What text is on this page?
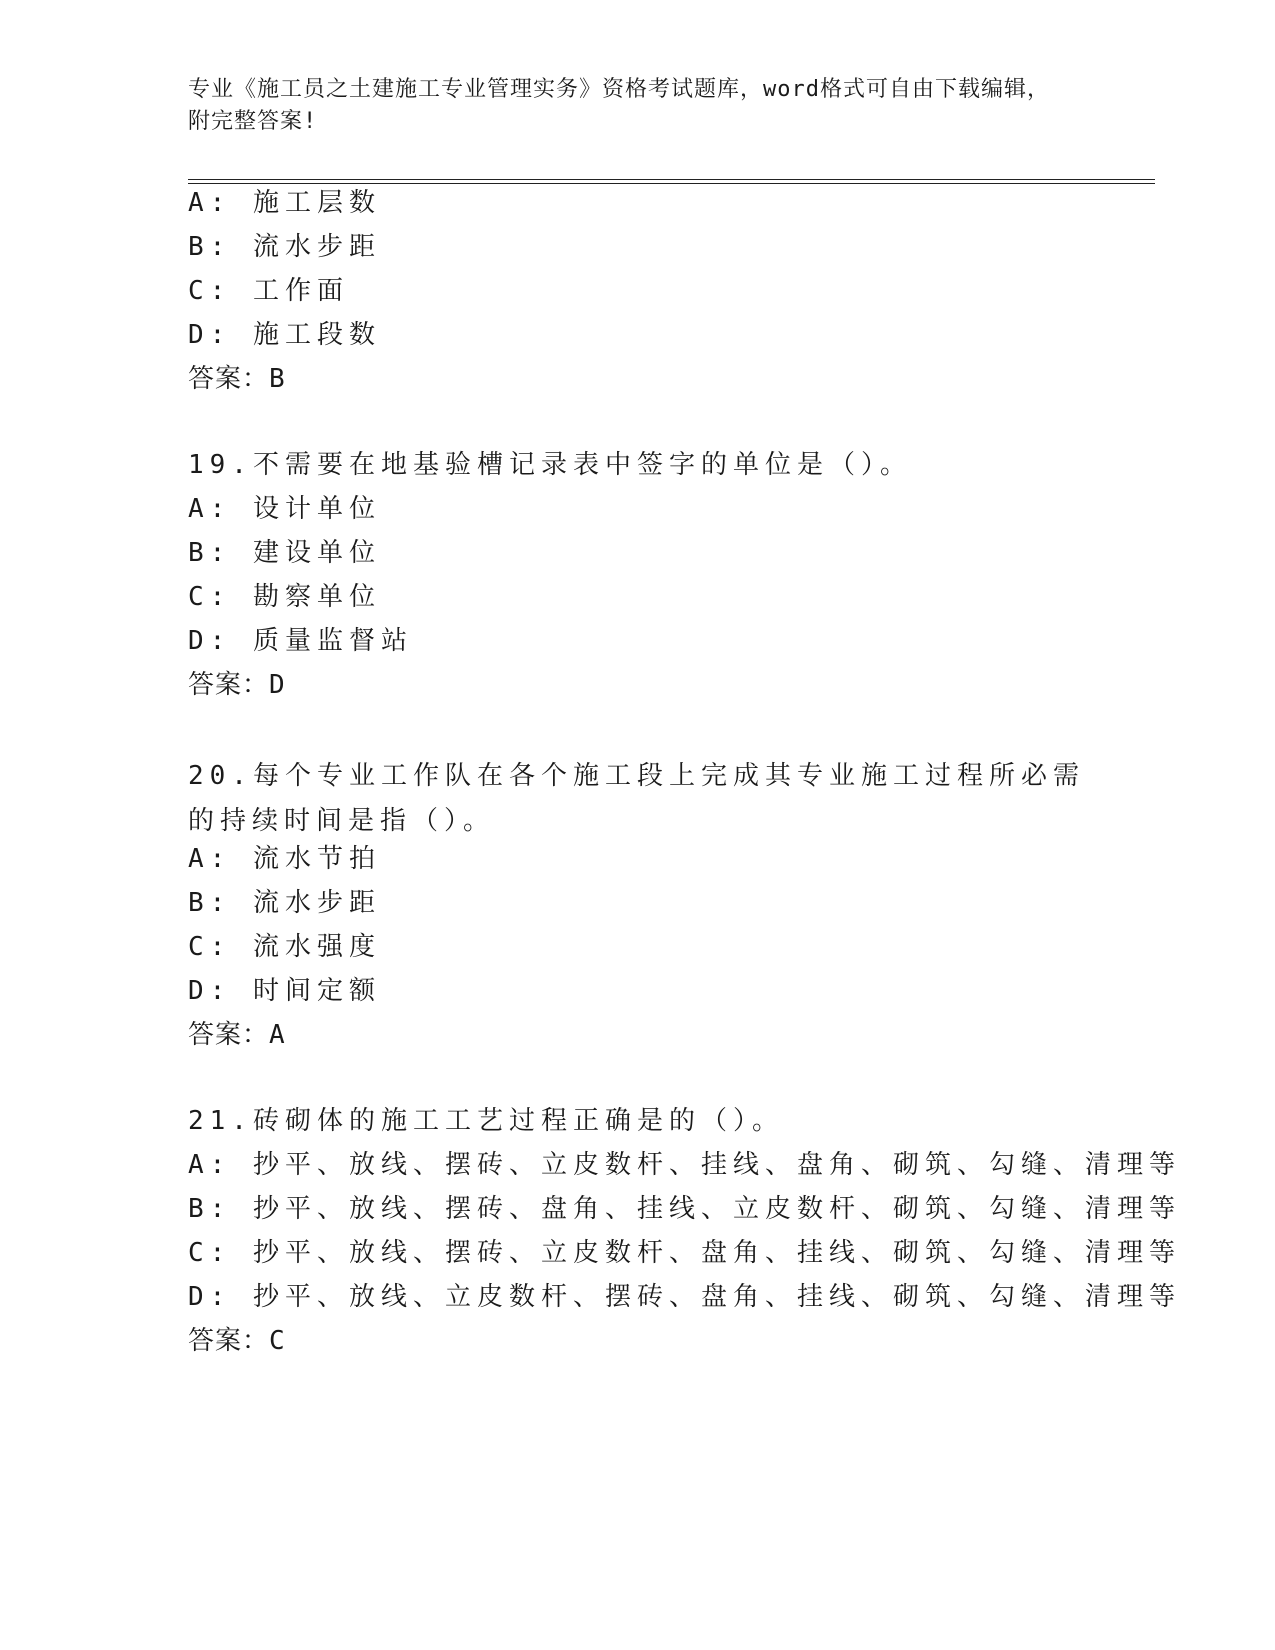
专业《施工员之土建施工专业管理实务》资格考试题库，word格式可自由下载编辑，附完整答案!
A: 施工层数
B: 流水步距
C: 工作面
D: 施工段数
答案：B
19.不需要在地基验槽记录表中签字的单位是（）。
A: 设计单位
B: 建设单位
C: 勘察单位
D: 质量监督站
答案：D
20.每个专业工作队在各个施工段上完成其专业施工过程所必需的持续时间是指（）。
A: 流水节拍
B: 流水步距
C: 流水强度
D: 时间定额
答案：A
21.砖砌体的施工工艺过程正确是的（）。
A: 抄平、放线、摆砖、立皮数杆、挂线、盘角、砌筑、勾缝、清理等
B: 抄平、放线、摆砖、盘角、挂线、立皮数杆、砌筑、勾缝、清理等
C: 抄平、放线、摆砖、立皮数杆、盘角、挂线、砌筑、勾缝、清理等
D: 抄平、放线、立皮数杆、摆砖、盘角、挂线、砌筑、勾缝、清理等
答案：C
